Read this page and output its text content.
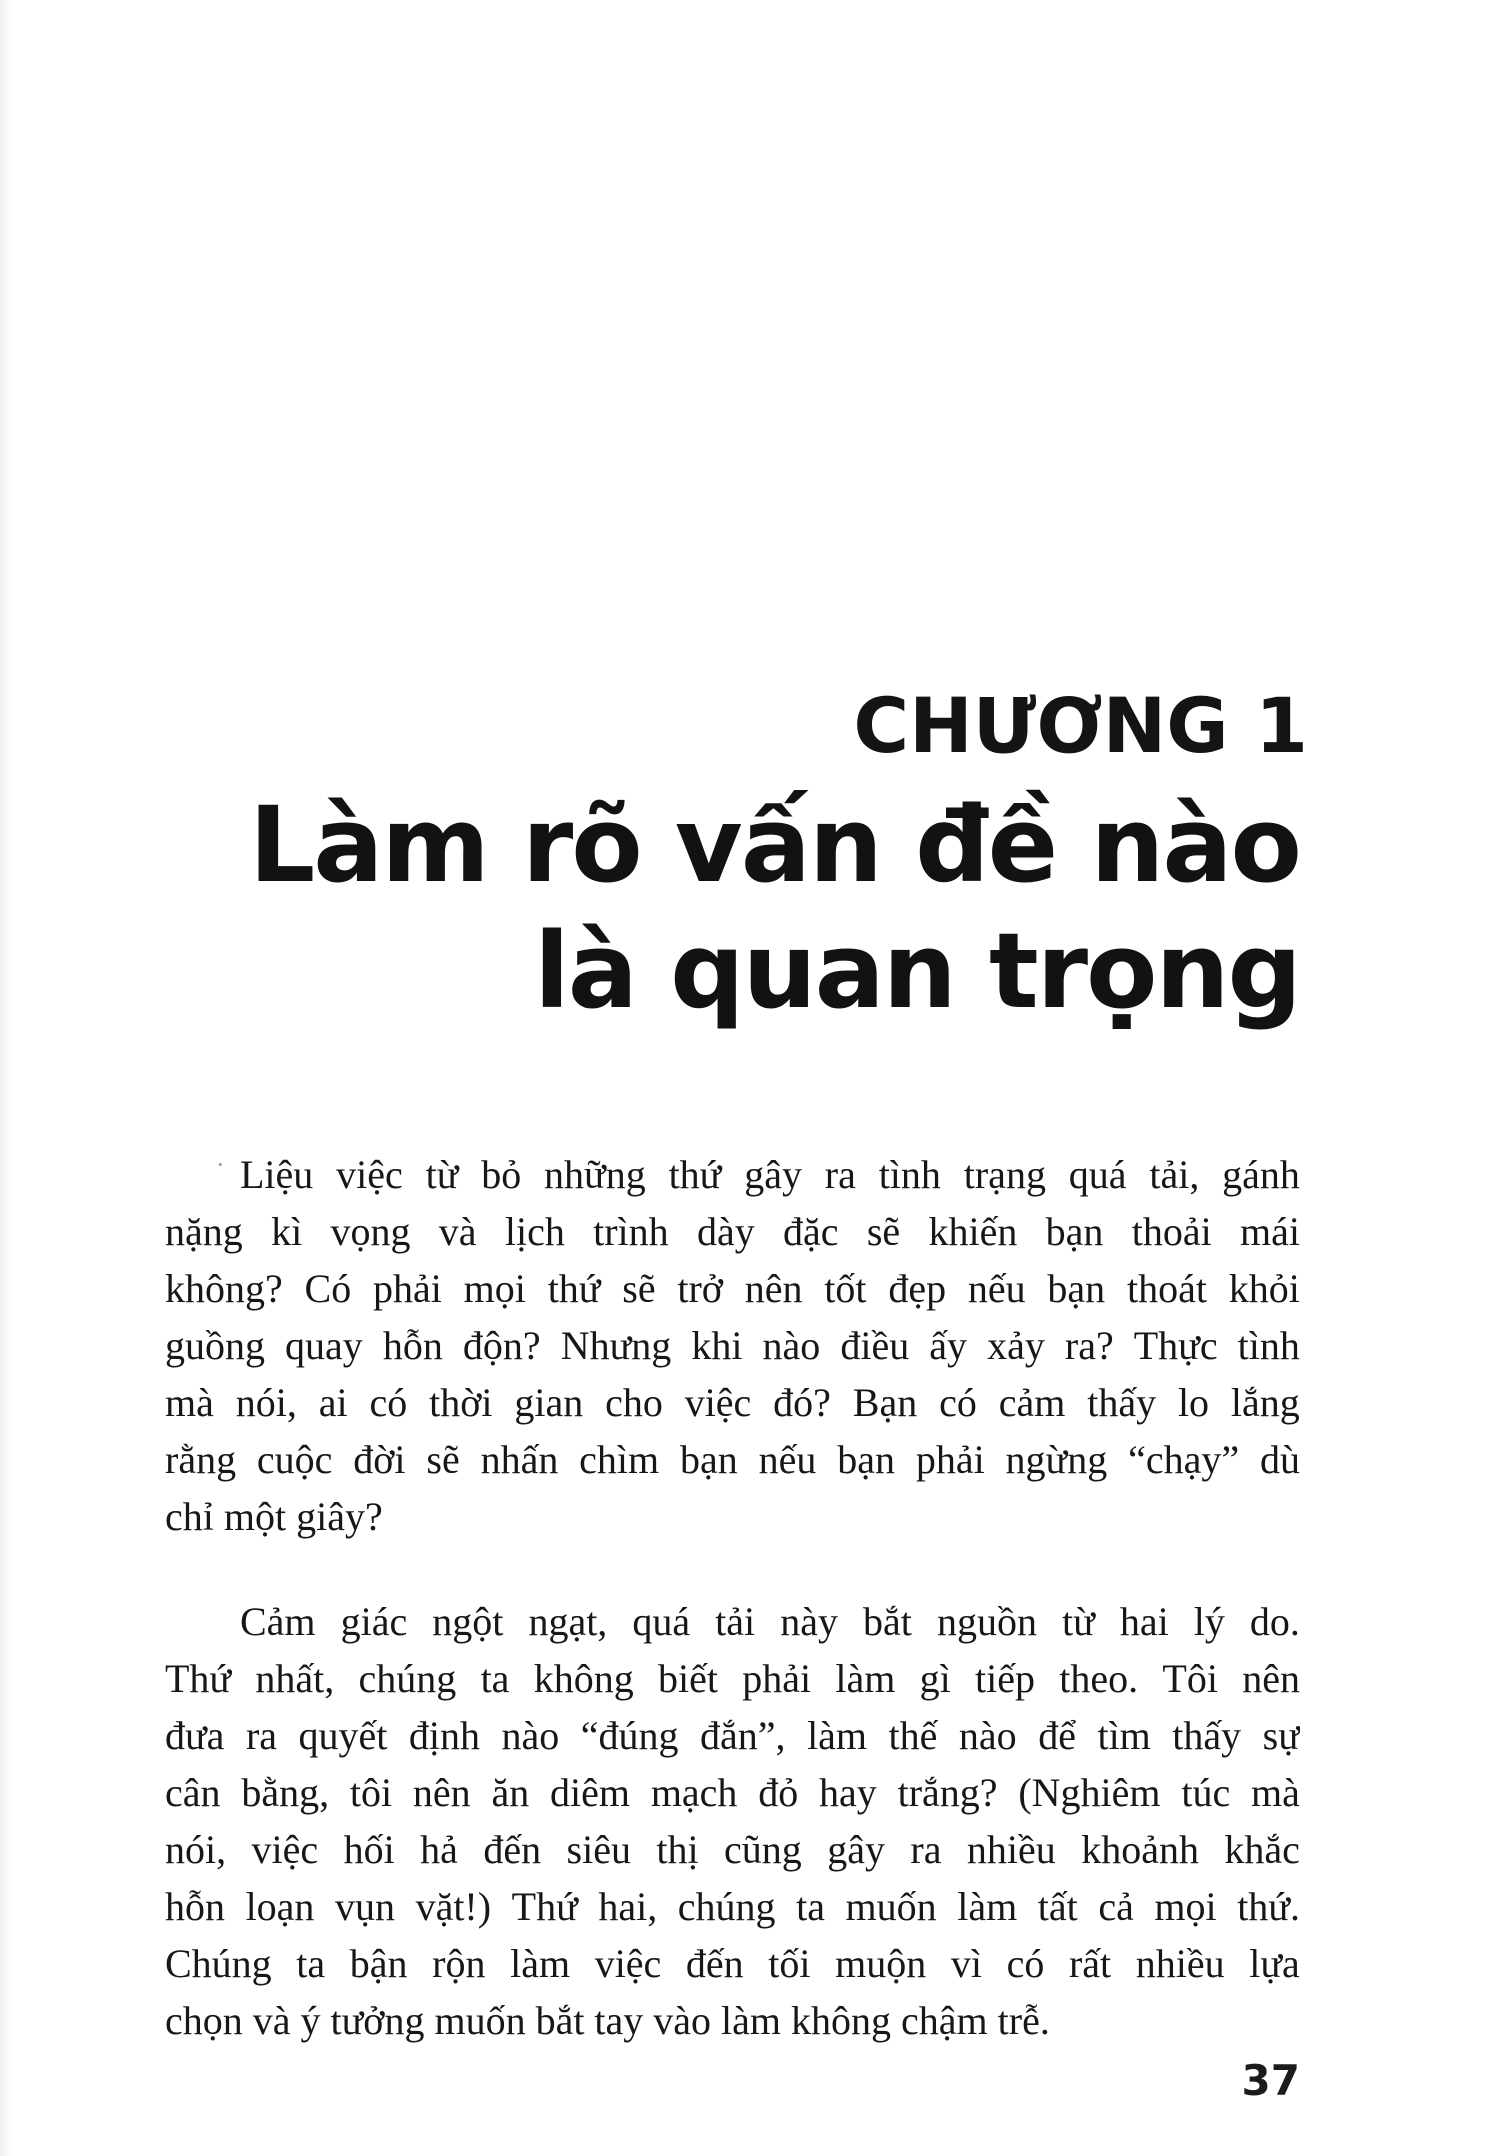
CHƯƠNG 1
Làm rõ vấn đề nào
là quan trọng
· Liệu việc từ bỏ những thứ gây ra tình trạng quá tải, gánh
nặng kì vọng và lịch trình dày đặc sẽ khiến bạn thoải mái
không? Có phải mọi thứ sẽ trở nên tốt đẹp nếu bạn thoát khỏi
guồng quay hỗn độn? Nhưng khi nào điều ấy xảy ra? Thực tình
mà nói, ai có thời gian cho việc đó? Bạn có cảm thấy lo lắng
rằng cuộc đời sẽ nhấn chìm bạn nếu bạn phải ngừng “chạy” dù
chỉ một giây?
Cảm giác ngột ngạt, quá tải này bắt nguồn từ hai lý do.
Thứ nhất, chúng ta không biết phải làm gì tiếp theo. Tôi nên
đưa ra quyết định nào “đúng đắn”, làm thế nào để tìm thấy sự
cân bằng, tôi nên ăn diêm mạch đỏ hay trắng? (Nghiêm túc mà
nói, việc hối hả đến siêu thị cũng gây ra nhiều khoảnh khắc
hỗn loạn vụn vặt!) Thứ hai, chúng ta muốn làm tất cả mọi thứ.
Chúng ta bận rộn làm việc đến tối muộn vì có rất nhiều lựa
chọn và ý tưởng muốn bắt tay vào làm không chậm trễ.
37
